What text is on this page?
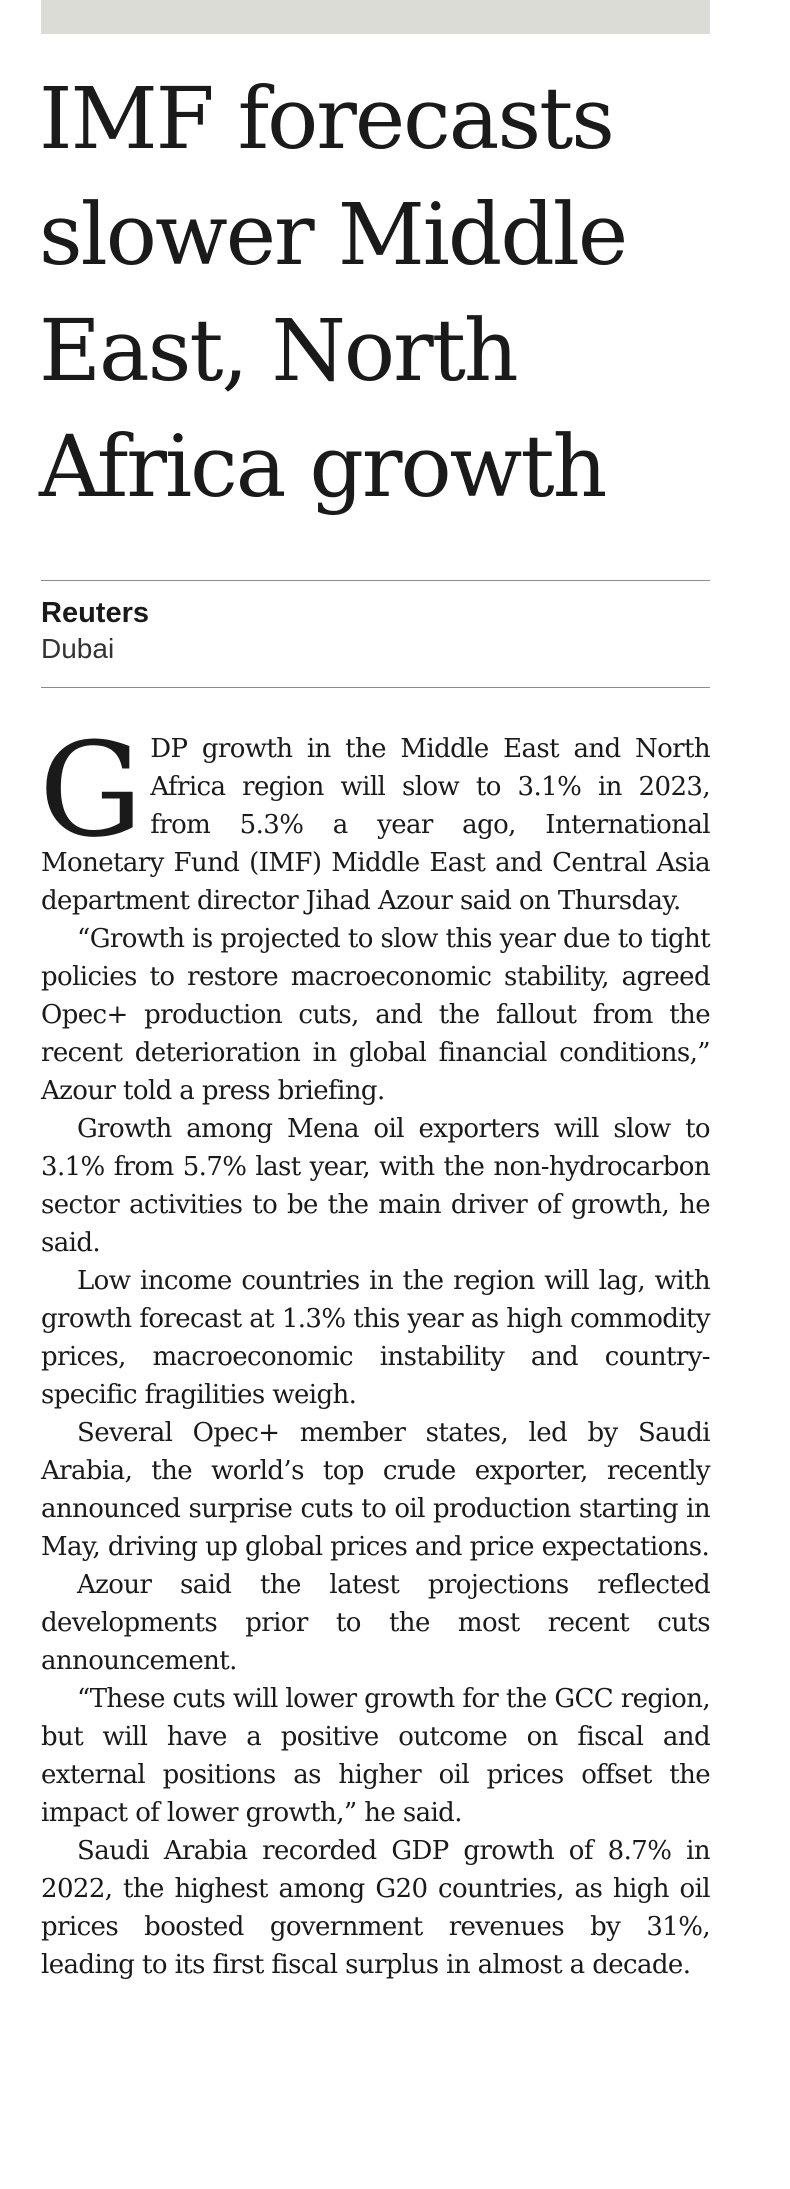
IMF forecasts slower Middle East, North Africa growth
Reuters
Dubai

GDP growth in the Middle East and North Africa region will slow to 3.1% in 2023, from 5.3% a year ago, International Monetary Fund (IMF) Middle East and Central Asia department director Jihad Azour said on Thursday.

“Growth is projected to slow this year due to tight policies to restore macroeconomic stability, agreed Opec+ production cuts, and the fallout from the recent deterioration in global financial conditions,” Azour told a press briefing.

Growth among Mena oil exporters will slow to 3.1% from 5.7% last year, with the non-hydrocarbon sector activities to be the main driver of growth, he said.

Low income countries in the region will lag, with growth forecast at 1.3% this year as high commodity prices, macroeconomic instability and country-specific fragilities weigh.

Several Opec+ member states, led by Saudi Arabia, the world’s top crude exporter, recently announced surprise cuts to oil production starting in May, driving up global prices and price expectations.

Azour said the latest projections reflected developments prior to the most recent cuts announcement.

“These cuts will lower growth for the GCC region, but will have a positive outcome on fiscal and external positions as higher oil prices offset the impact of lower growth,” he said.

Saudi Arabia recorded GDP growth of 8.7% in 2022, the highest among G20 countries, as high oil prices boosted government revenues by 31%, leading to its first fiscal surplus in almost a decade.
